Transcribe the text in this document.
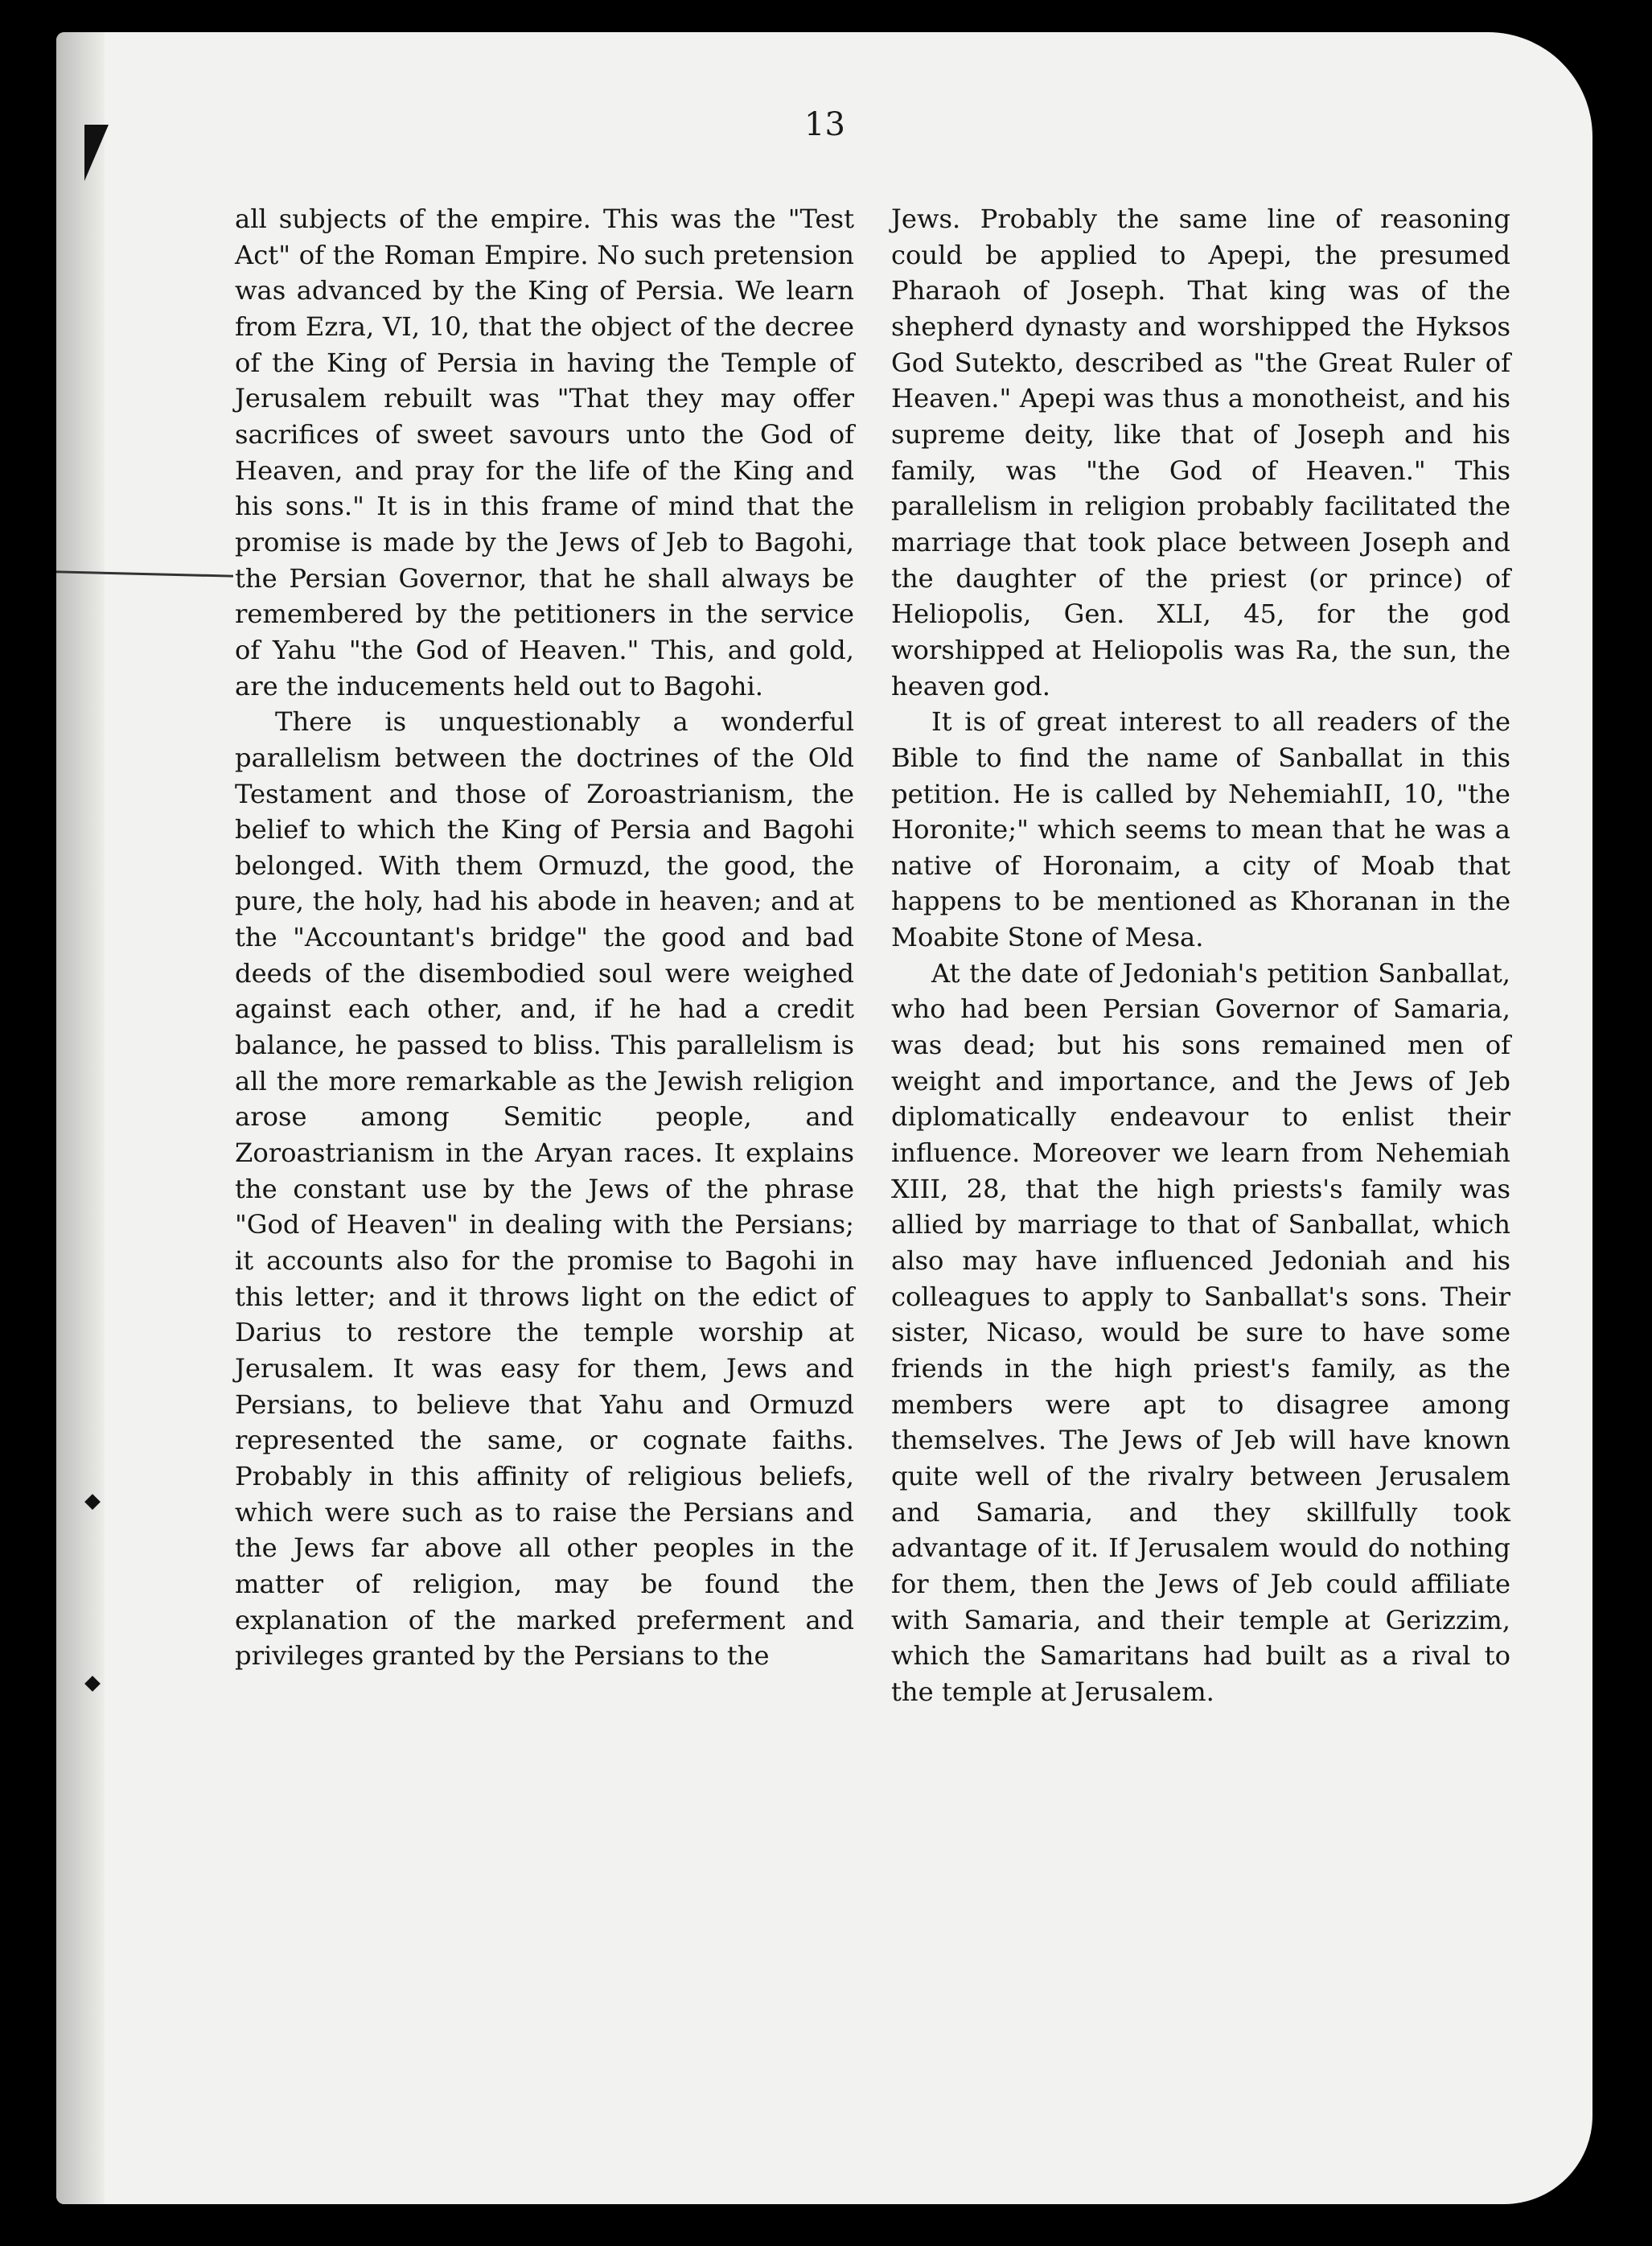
13

all subjects of the empire. This was the "Test Act" of the Roman Empire. No such pretension was advanced by the King of Persia. We learn from Ezra, VI, 10, that the object of the decree of the King of Persia in having the Temple of Jerusalem rebuilt was "That they may offer sacrifices of sweet savours unto the God of Heaven, and pray for the life of the King and his sons." It is in this frame of mind that the promise is made by the Jews of Jeb to Bagohi, the Persian Governor, that he shall always be remembered by the petitioners in the service of Yahu "the God of Heaven." This, and gold, are the inducements held out to Bagohi.

There is unquestionably a wonderful parallelism between the doctrines of the Old Testament and those of Zoroastrianism, the belief to which the King of Persia and Bagohi belonged. With them Ormuzd, the good, the pure, the holy, had his abode in heaven; and at the "Accountant's bridge" the good and bad deeds of the disembodied soul were weighed against each other, and, if he had a credit balance, he passed to bliss. This parallelism is all the more remarkable as the Jewish religion arose among Semitic people, and Zoroastrianism in the Aryan races. It explains the constant use by the Jews of the phrase "God of Heaven" in dealing with the Persians; it accounts also for the promise to Bagohi in this letter; and it throws light on the edict of Darius to restore the temple worship at Jerusalem. It was easy for them, Jews and Persians, to believe that Yahu and Ormuzd represented the same, or cognate faiths. Probably in this affinity of religious beliefs, which were such as to raise the Persians and the Jews far above all other peoples in the matter of religion, may be found the explanation of the marked preferment and privileges granted by the Persians to the

Jews. Probably the same line of reasoning could be applied to Apepi, the presumed Pharaoh of Joseph. That king was of the shepherd dynasty and worshipped the Hyksos God Sutekto, described as "the Great Ruler of Heaven." Apepi was thus a monotheist, and his supreme deity, like that of Joseph and his family, was "the God of Heaven." This parallelism in religion probably facilitated the marriage that took place between Joseph and the daughter of the priest (or prince) of Heliopolis, Gen. XLI, 45, for the god worshipped at Heliopolis was Ra, the sun, the heaven god.

It is of great interest to all readers of the Bible to find the name of Sanballat in this petition. He is called by NehemiahII, 10, "the Horonite;" which seems to mean that he was a native of Horonaim, a city of Moab that happens to be mentioned as Khoranan in the Moabite Stone of Mesa.

At the date of Jedoniah's petition Sanballat, who had been Persian Governor of Samaria, was dead; but his sons remained men of weight and importance, and the Jews of Jeb diplomatically endeavour to enlist their influence. Moreover we learn from Nehemiah XIII, 28, that the high priests's family was allied by marriage to that of Sanballat, which also may have influenced Jedoniah and his colleagues to apply to Sanballat's sons. Their sister, Nicaso, would be sure to have some friends in the high priest's family, as the members were apt to disagree among themselves. The Jews of Jeb will have known quite well of the rivalry between Jerusalem and Samaria, and they skillfully took advantage of it. If Jerusalem would do nothing for them, then the Jews of Jeb could affiliate with Samaria, and their temple at Gerizzim, which the Samaritans had built as a rival to the temple at Jerusalem.
